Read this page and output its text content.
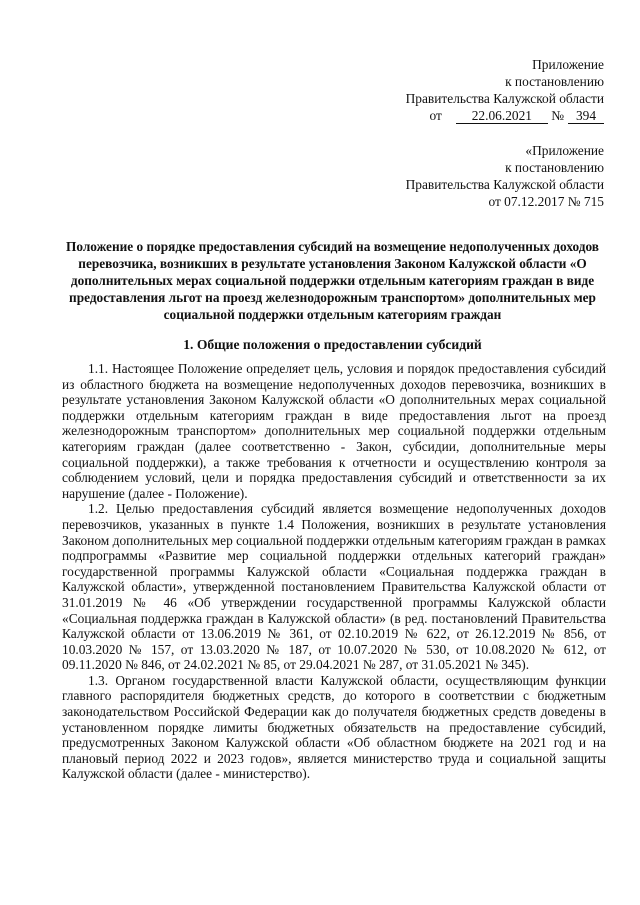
Приложение
к постановлению
Правительства Калужской области
от 22.06.2021 № 394
«Приложение
к постановлению
Правительства Калужской области
от 07.12.2017 № 715
Положение о порядке предоставления субсидий на возмещение недополученных доходов перевозчика, возникших в результате установления Законом Калужской области «О дополнительных мерах социальной поддержки отдельным категориям граждан в виде предоставления льгот на проезд железнодорожным транспортом» дополнительных мер социальной поддержки отдельным категориям граждан
1. Общие положения о предоставлении субсидий

1.1. Настоящее Положение определяет цель, условия и порядок предоставления субсидий из областного бюджета на возмещение недополученных доходов перевозчика, возникших в результате установления Законом Калужской области «О дополнительных мерах социальной поддержки отдельным категориям граждан в виде предоставления льгот на проезд железнодорожным транспортом» дополнительных мер социальной поддержки отдельным категориям граждан (далее соответственно - Закон, субсидии, дополнительные меры социальной поддержки), а также требования к отчетности и осуществлению контроля за соблюдением условий, цели и порядка предоставления субсидий и ответственности за их нарушение (далее - Положение).

1.2. Целью предоставления субсидий является возмещение недополученных доходов перевозчиков, указанных в пункте 1.4 Положения, возникших в результате установления Законом дополнительных мер социальной поддержки отдельным категориям граждан в рамках подпрограммы «Развитие мер социальной поддержки отдельных категорий граждан» государственной программы Калужской области «Социальная поддержка граждан в Калужской области», утвержденной постановлением Правительства Калужской области от 31.01.2019 № 46 «Об утверждении государственной программы Калужской области «Социальная поддержка граждан в Калужской области» (в ред. постановлений Правительства Калужской области от 13.06.2019 № 361, от 02.10.2019 № 622, от 26.12.2019 № 856, от 10.03.2020 № 157, от 13.03.2020 № 187, от 10.07.2020 № 530, от 10.08.2020 № 612, от 09.11.2020 № 846, от 24.02.2021 № 85, от 29.04.2021 № 287, от 31.05.2021 № 345).

1.3. Органом государственной власти Калужской области, осуществляющим функции главного распорядителя бюджетных средств, до которого в соответствии с бюджетным законодательством Российской Федерации как до получателя бюджетных средств доведены в установленном порядке лимиты бюджетных обязательств на предоставление субсидий, предусмотренных Законом Калужской области «Об областном бюджете на 2021 год и на плановый период 2022 и 2023 годов», является министерство труда и социальной защиты Калужской области (далее - министерство).
